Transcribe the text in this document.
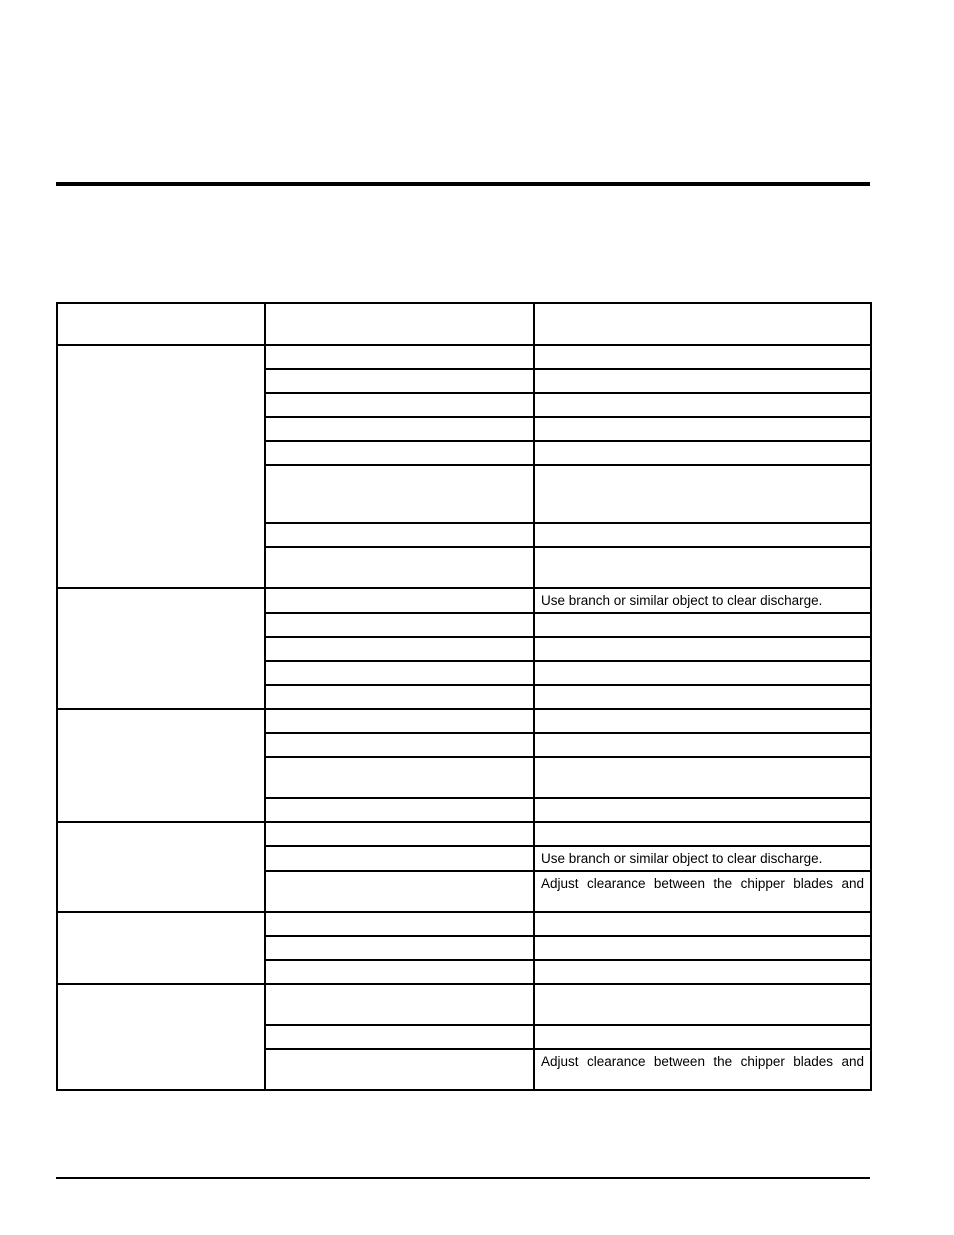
		Use branch or similar object to clear discharge.

		Use branch or similar object to clear discharge.

		Adjust clearance between the chipper blades and

		Adjust clearance between the chipper blades and
